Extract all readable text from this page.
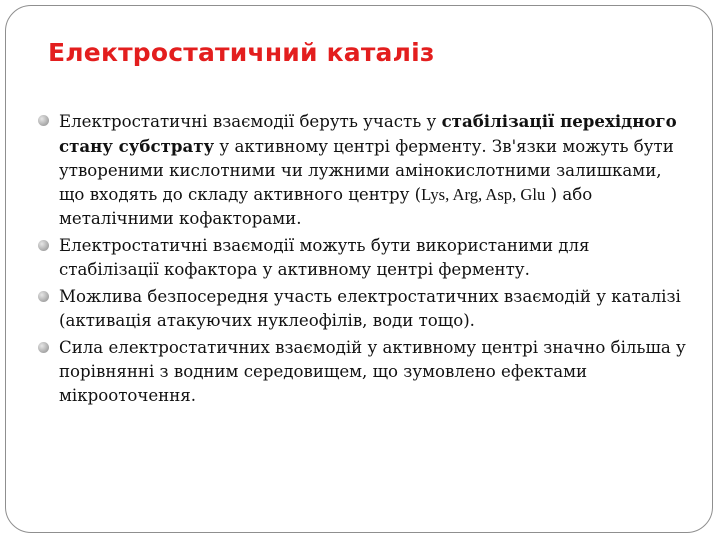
Електростатичний каталіз
Електростатичні взаємодії беруть участь у стабілізації перехідного стану субстрату у активному центрі ферменту. Зв'язки можуть бути утвореними кислотними чи лужними амінокислотними залишками, що входять до складу активного центру (Lys, Arg, Asp, Glu ) або металічними кофакторами.
Електростатичні взаємодії можуть бути використаними для стабілізації кофактора у активному центрі ферменту.
Можлива безпосередня участь електростатичних взаємодій у каталізі (активація атакуючих нуклеофілів, води тощо).
Сила електростатичних взаємодій у активному центрі значно більша у порівнянні з водним середовищем, що зумовлено ефектами мікрооточення.
